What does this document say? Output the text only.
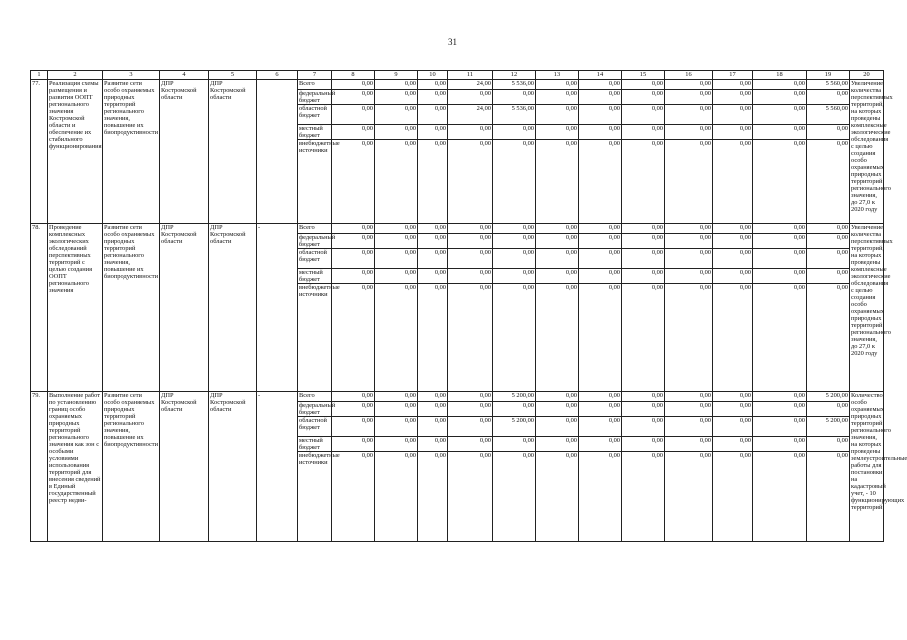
31
1	2	3	4	5	6	7	8	9	10	11	12	13	14	15	16	17	18	19	20
77.	Реализация схемы размещения и развития ООПТ регионального значения Костромской области и обеспечение их стабильного функционирования	Развитие сети особо охраняемых природных территорий регионального значения, повышение их биопродуктивности	ДПР Костромской области	ДПР Костромской области		Всего	0,00	0,00	0,00	24,00	5 536,00	0,00	0,00	0,00	0,00	0,00	0,00	5 560,00	Увеличение количества перспективных территорий, на которых проведены комплексные экологические обследования с целью создания особо охраняемых природных территорий регионального значения, до 27,0 к 2020 году
						федеральный бюджет	0,00	0,00	0,00	0,00	0,00	0,00	0,00	0,00	0,00	0,00	0,00	0,00	
						областной бюджет	0,00	0,00	0,00	24,00	5 536,00	0,00	0,00	0,00	0,00	0,00	0,00	5 560,00	
						местный бюджет	0,00	0,00	0,00	0,00	0,00	0,00	0,00	0,00	0,00	0,00	0,00	0,00	
						внебюджетные источники	0,00	0,00	0,00	0,00	0,00	0,00	0,00	0,00	0,00	0,00	0,00	0,00	
78.	Проведение комплексных экологических обследований перспективных территорий с целью создания ООПТ регионального значения	Развитие сети особо охраняемых природных территорий регионального значения, повышение их биопродуктивности	ДПР Костромской области	ДПР Костромской области	-	Всего	0,00	0,00	0,00	0,00	0,00	0,00	0,00	0,00	0,00	0,00	0,00	0,00	Увеличение количества перспективных территорий, на которых проведены комплексные экологические обследования с целью создания особо охраняемых природных территорий регионального значения, до 27,0 к 2020 году
						федеральный бюджет	0,00	0,00	0,00	0,00	0,00	0,00	0,00	0,00	0,00	0,00	0,00	0,00	
						областной бюджет	0,00	0,00	0,00	0,00	0,00	0,00	0,00	0,00	0,00	0,00	0,00	0,00	
						местный бюджет	0,00	0,00	0,00	0,00	0,00	0,00	0,00	0,00	0,00	0,00	0,00	0,00	
						внебюджетные источники	0,00	0,00	0,00	0,00	0,00	0,00	0,00	0,00	0,00	0,00	0,00	0,00	
79.	Выполнение работ по установлению границ особо охраняемых природных территорий регионального значения как зон с особыми условиями использования территорий для внесения сведений в Единый государственный реестр недви-	Развитие сети особо охраняемых природных территорий регионального значения, повышение их биопродуктивности	ДПР Костромской области	ДПР Костромской области	-	Всего	0,00	0,00	0,00	0,00	5 200,00	0,00	0,00	0,00	0,00	0,00	0,00	5 200,00	Количество особо охраняемых природных территорий регионального значения, на которых проведены землеустроительные работы для постановки на кадастровый учет, - 10 функционирующих территорий
						федеральный бюджет	0,00	0,00	0,00	0,00	0,00	0,00	0,00	0,00	0,00	0,00	0,00	0,00	
						областной бюджет	0,00	0,00	0,00	0,00	5 200,00	0,00	0,00	0,00	0,00	0,00	0,00	5 200,00	
						местный бюджет	0,00	0,00	0,00	0,00	0,00	0,00	0,00	0,00	0,00	0,00	0,00	0,00	
						внебюджетные источники	0,00	0,00	0,00	0,00	0,00	0,00	0,00	0,00	0,00	0,00	0,00	0,00	
